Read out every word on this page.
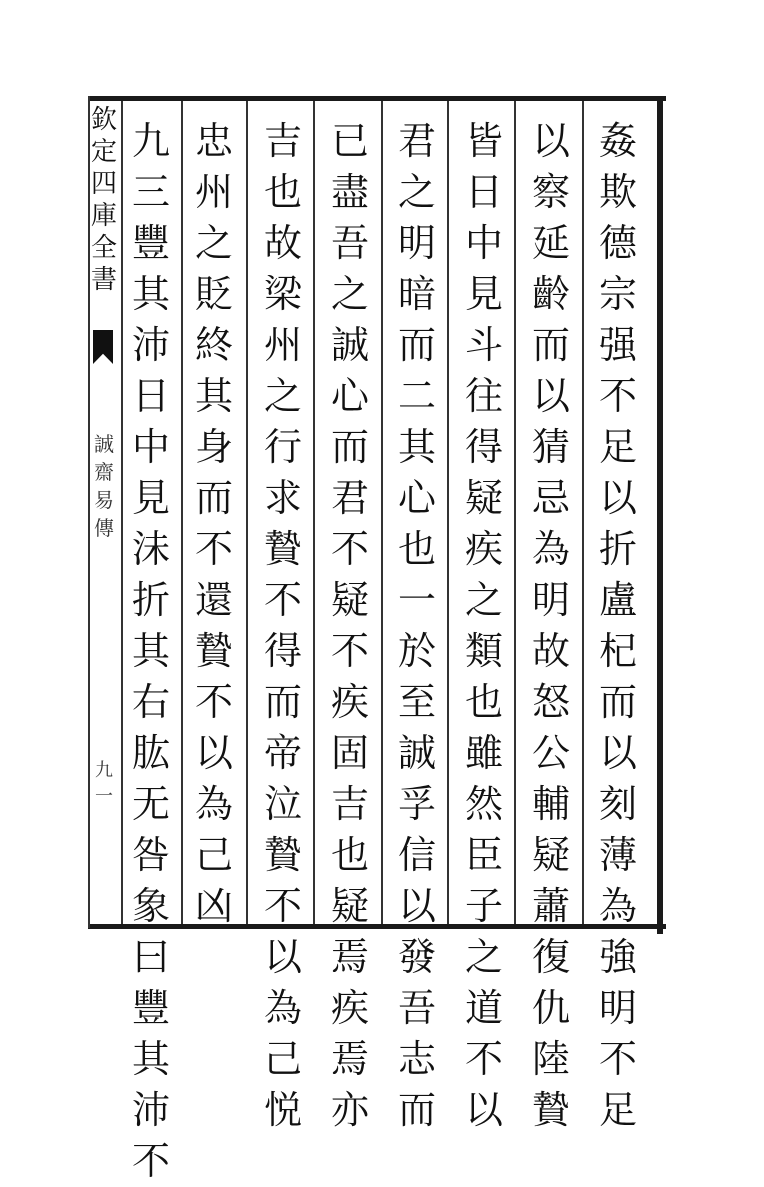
欽
定
四
庫
全
書
誠
齋
易
傳
九
一
姦
欺
德
宗
强
不
足
以
折
盧
杞
而
以
刻
薄
為
強
明
不
足
以
察
延
齡
而
以
猜
忌
為
明
故
怒
公
輔
疑
蕭
復
仇
陸
贄
皆
日
中
見
斗
往
得
疑
疾
之
類
也
雖
然
臣
子
之
道
不
以
君
之
明
暗
而
二
其
心
也
一
於
至
誠
孚
信
以
發
吾
志
而
已
盡
吾
之
誠
心
而
君
不
疑
不
疾
固
吉
也
疑
焉
疾
焉
亦
吉
也
故
梁
州
之
行
求
贄
不
得
而
帝
泣
贄
不
以
為
己
悦
忠
州
之
貶
終
其
身
而
不
還
贄
不
以
為
己
凶
九
三
豐
其
沛
日
中
見
沬
折
其
右
肱
无
咎
象
曰
豐
其
沛
不
